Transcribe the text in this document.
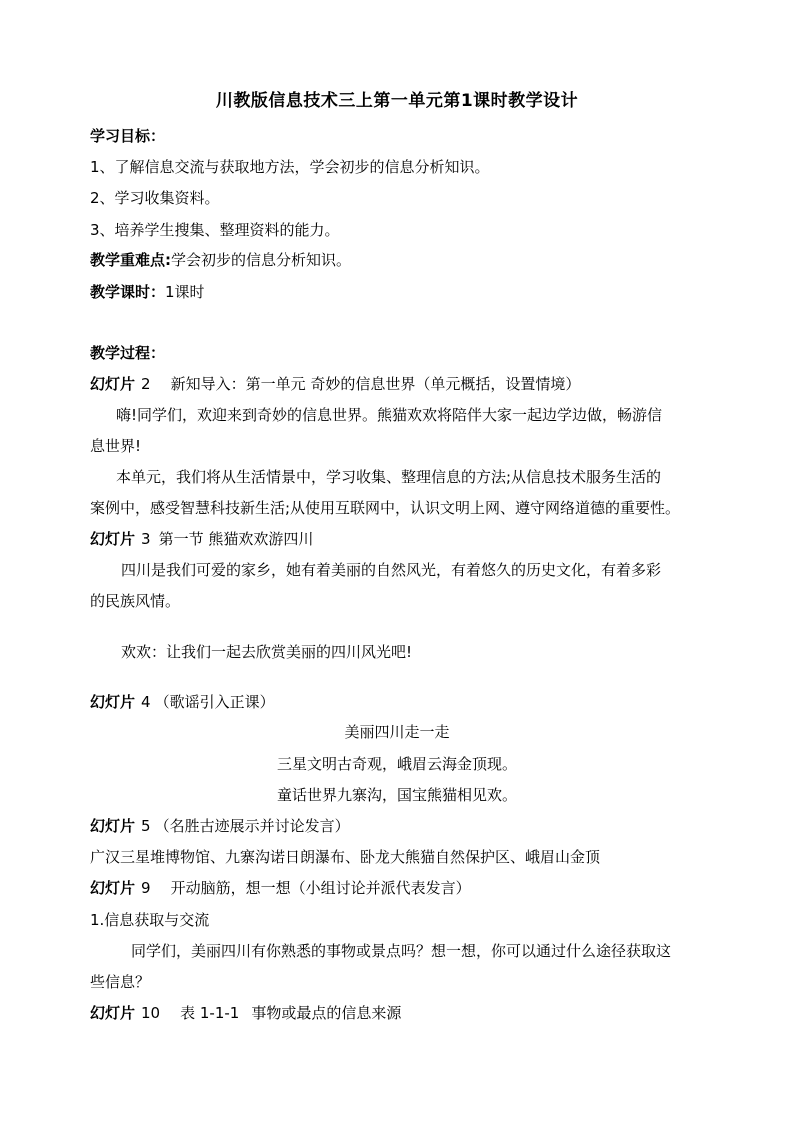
川教版信息技术三上第一单元第1课时教学设计
学习目标：
1、了解信息交流与获取地方法，学会初步的信息分析知识。
2、学习收集资料。
3、培养学生搜集、整理资料的能力。
教学重难点:学会初步的信息分析知识。
教学课时：1课时
教学过程：
幻灯片 2 新知导入：第一单元 奇妙的信息世界（单元概括，设置情境）
嗨!同学们，欢迎来到奇妙的信息世界。熊猫欢欢将陪伴大家一起边学边做，畅游信
息世界!
本单元，我们将从生活情景中，学习收集、整理信息的方法;从信息技术服务生活的
案例中，感受智慧科技新生活;从使用互联网中，认识文明上网、遵守网络道德的重要性。
幻灯片 3 第一节 熊猫欢欢游四川
四川是我们可爱的家乡，她有着美丽的自然风光，有着悠久的历史文化，有着多彩
的民族风情。
欢欢：让我们一起去欣赏美丽的四川风光吧!
幻灯片 4 （歌谣引入正课）
美丽四川走一走
三星文明古奇观，峨眉云海金顶现。
童话世界九寨沟，国宝熊猫相见欢。
幻灯片 5 （名胜古迹展示并讨论发言）
广汉三星堆博物馆、九寨沟诺日朗瀑布、卧龙大熊猫自然保护区、峨眉山金顶
幻灯片 9 开动脑筋，想一想（小组讨论并派代表发言）
1.信息获取与交流
同学们，美丽四川有你熟悉的事物或景点吗？想一想，你可以通过什么途径获取这
些信息？
幻灯片 10 表 1-1-1 事物或最点的信息来源
